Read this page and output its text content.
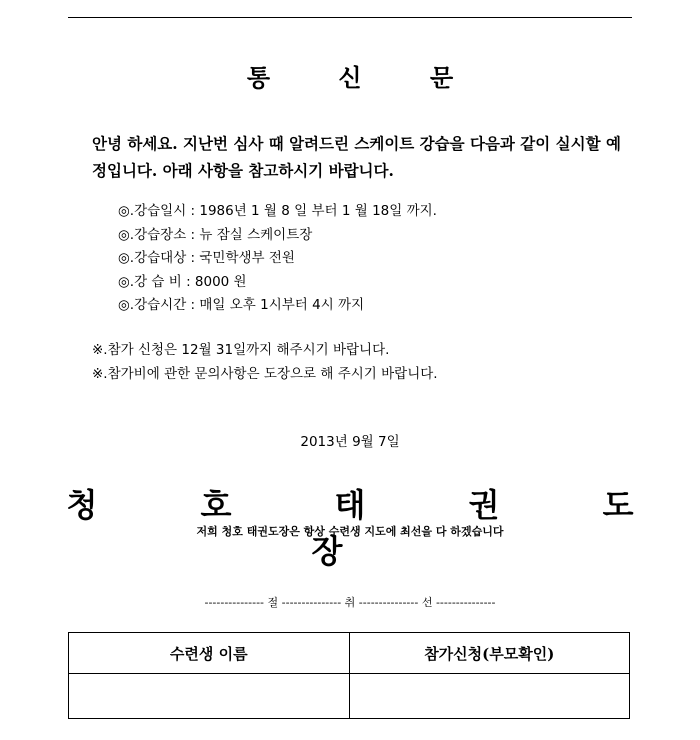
통 신 문
안녕 하세요. 지난번 심사 때 알려드린 스케이트 강습을 다음과 같이 실시할 예정입니다. 아래 사항을 참고하시기 바랍니다.
◎.강습일시 : 1986년 1 월 8 일 부터 1 월 18일 까지.
◎.강습장소 : 뉴 잠실 스케이트장
◎.강습대상 : 국민학생부 전원
◎.강 습 비 : 8000 원
◎.강습시간 : 매일 오후 1시부터 4시 까지
※.참가 신청은 12월 31일까지 해주시기 바랍니다.
※.참가비에 관한 문의사항은 도장으로 해 주시기 바랍니다.
2013년 9월 7일
청 호 태 권 도 장
저희 청호 태권도장은 항상 수련생 지도에 최선을 다 하겠습니다
--------------- 절 --------------- 취 --------------- 선 ---------------
수련생 이름	참가신청(부모확인)
